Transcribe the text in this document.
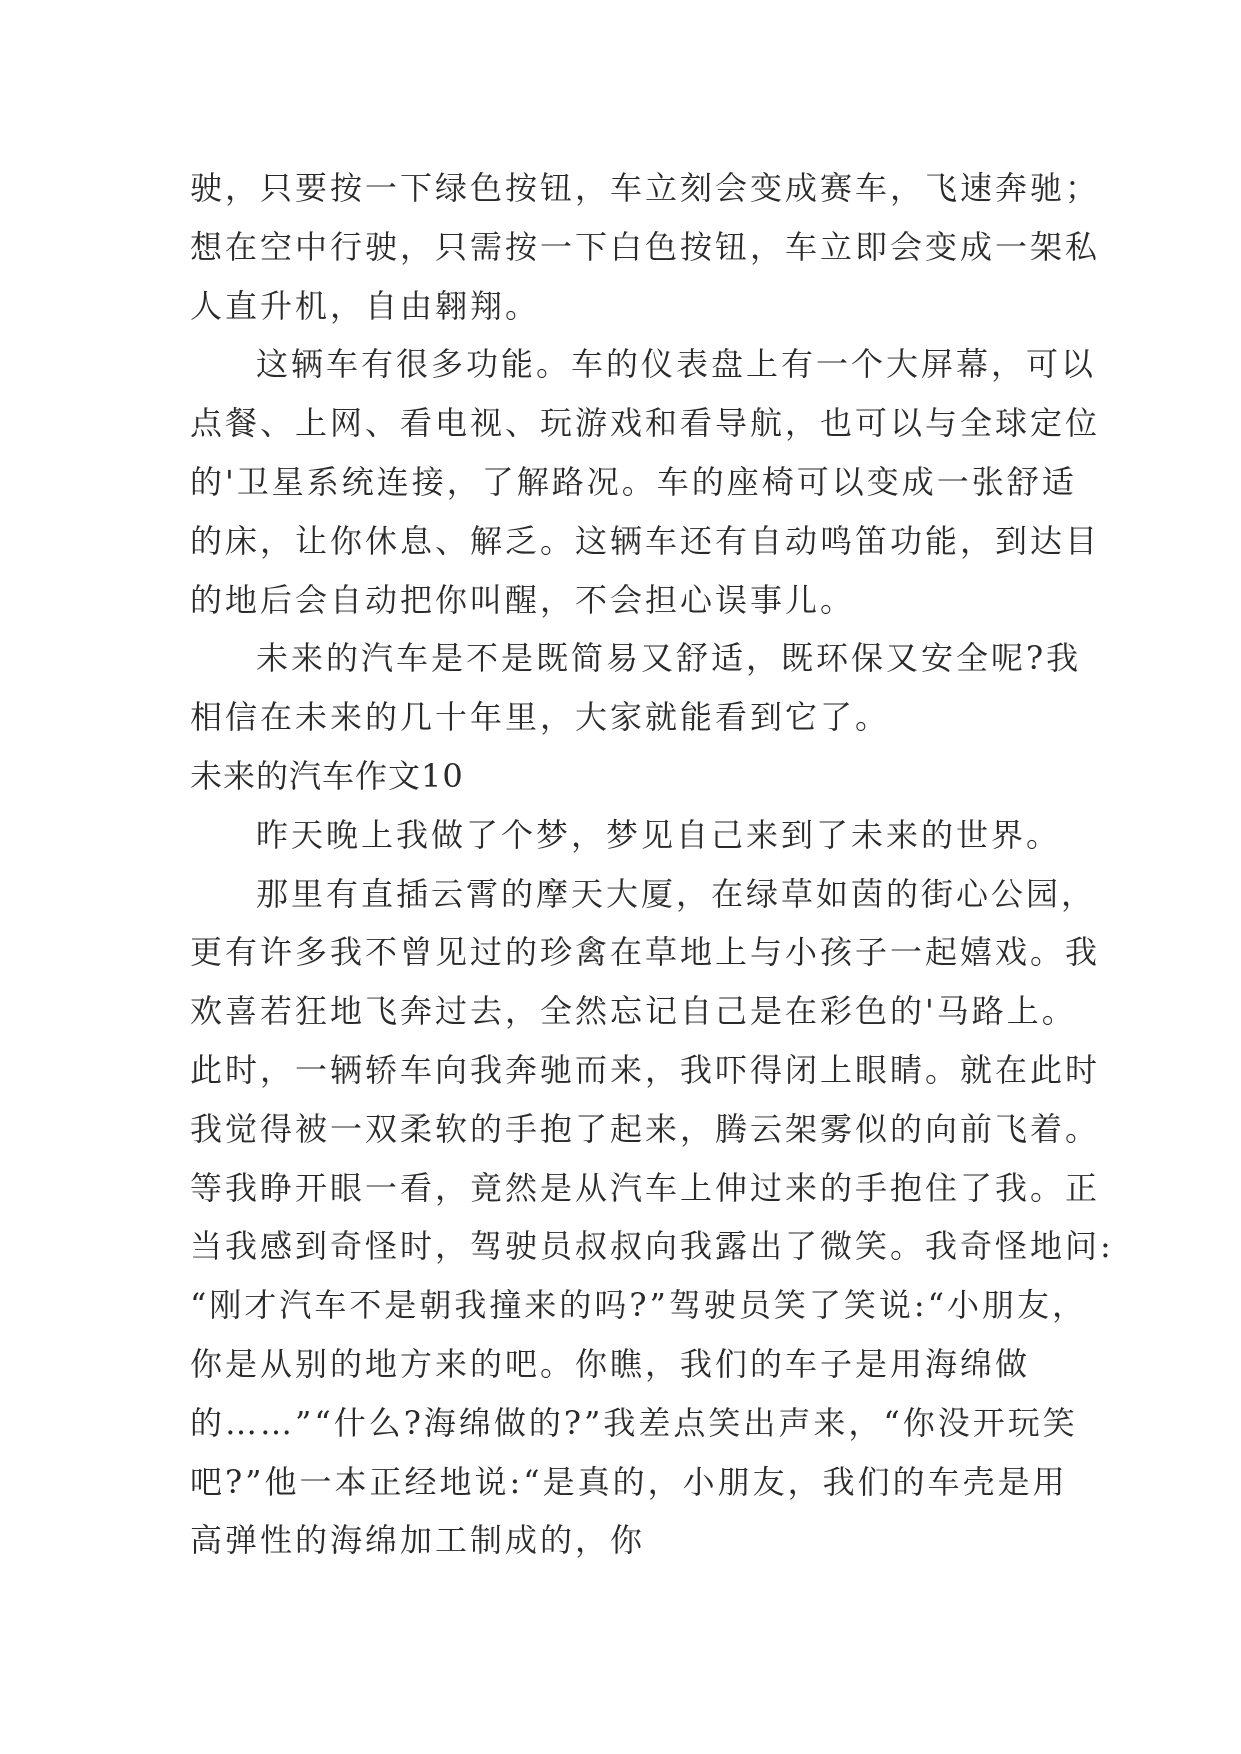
驶，只要按一下绿色按钮，车立刻会变成赛车，飞速奔驰；
想在空中行驶，只需按一下白色按钮，车立即会变成一架私
人直升机，自由翱翔。
这辆车有很多功能。车的仪表盘上有一个大屏幕，可以
点餐、上网、看电视、玩游戏和看导航，也可以与全球定位
的'卫星系统连接，了解路况。车的座椅可以变成一张舒适
的床，让你休息、解乏。这辆车还有自动鸣笛功能，到达目
的地后会自动把你叫醒，不会担心误事儿。
未来的汽车是不是既简易又舒适，既环保又安全呢?我
相信在未来的几十年里，大家就能看到它了。
未来的汽车作文10
昨天晚上我做了个梦，梦见自己来到了未来的世界。
那里有直插云霄的摩天大厦，在绿草如茵的街心公园，
更有许多我不曾见过的珍禽在草地上与小孩子一起嬉戏。我
欢喜若狂地飞奔过去，全然忘记自己是在彩色的'马路上。
此时，一辆轿车向我奔驰而来，我吓得闭上眼睛。就在此时
我觉得被一双柔软的手抱了起来，腾云架雾似的向前飞着。
等我睁开眼一看，竟然是从汽车上伸过来的手抱住了我。正
当我感到奇怪时，驾驶员叔叔向我露出了微笑。我奇怪地问:
“刚才汽车不是朝我撞来的吗?”驾驶员笑了笑说:“小朋友，
你是从别的地方来的吧。你瞧，我们的车子是用海绵做
的……”“什么?海绵做的?”我差点笑出声来，“你没开玩笑
吧?”他一本正经地说:“是真的，小朋友，我们的车壳是用
高弹性的海绵加工制成的，你
